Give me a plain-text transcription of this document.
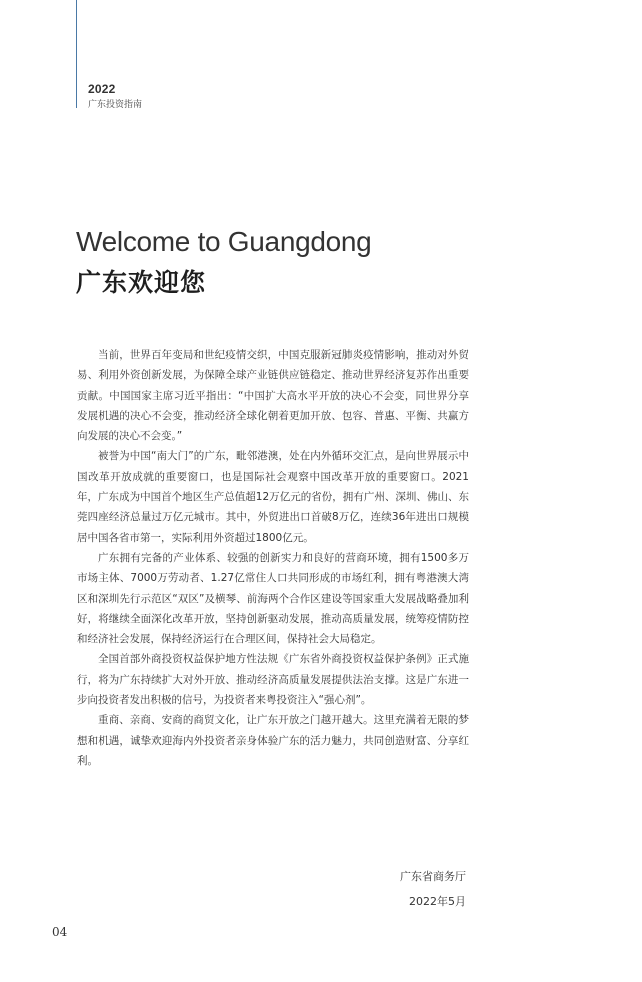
2022
广东投资指南
Welcome to Guangdong
广东欢迎您

当前，世界百年变局和世纪疫情交织，中国克服新冠肺炎疫情影响，推动对外贸易、利用外资创新发展，为保障全球产业链供应链稳定、推动世界经济复苏作出重要贡献。中国国家主席习近平指出：“中国扩大高水平开放的决心不会变，同世界分享发展机遇的决心不会变，推动经济全球化朝着更加开放、包容、普惠、平衡、共赢方向发展的决心不会变。”

被誉为中国“南大门”的广东，毗邻港澳，处在内外循环交汇点，是向世界展示中国改革开放成就的重要窗口，也是国际社会观察中国改革开放的重要窗口。2021年，广东成为中国首个地区生产总值超12万亿元的省份，拥有广州、深圳、佛山、东莞四座经济总量过万亿元城市。其中，外贸进出口首破8万亿，连续36年进出口规模居中国各省市第一，实际利用外资超过1800亿元。

广东拥有完备的产业体系、较强的创新实力和良好的营商环境，拥有1500多万市场主体、7000万劳动者、1.27亿常住人口共同形成的市场红利，拥有粤港澳大湾区和深圳先行示范区“双区”及横琴、前海两个合作区建设等国家重大发展战略叠加利好，将继续全面深化改革开放，坚持创新驱动发展，推动高质量发展，统筹疫情防控和经济社会发展，保持经济运行在合理区间，保持社会大局稳定。

全国首部外商投资权益保护地方性法规《广东省外商投资权益保护条例》正式施行，将为广东持续扩大对外开放、推动经济高质量发展提供法治支撑。这是广东进一步向投资者发出积极的信号，为投资者来粤投资注入“强心剂”。

重商、亲商、安商的商贸文化，让广东开放之门越开越大。这里充满着无限的梦想和机遇，诚挚欢迎海内外投资者亲身体验广东的活力魅力，共同创造财富、分享红利。

广东省商务厅
2022年5月
04
